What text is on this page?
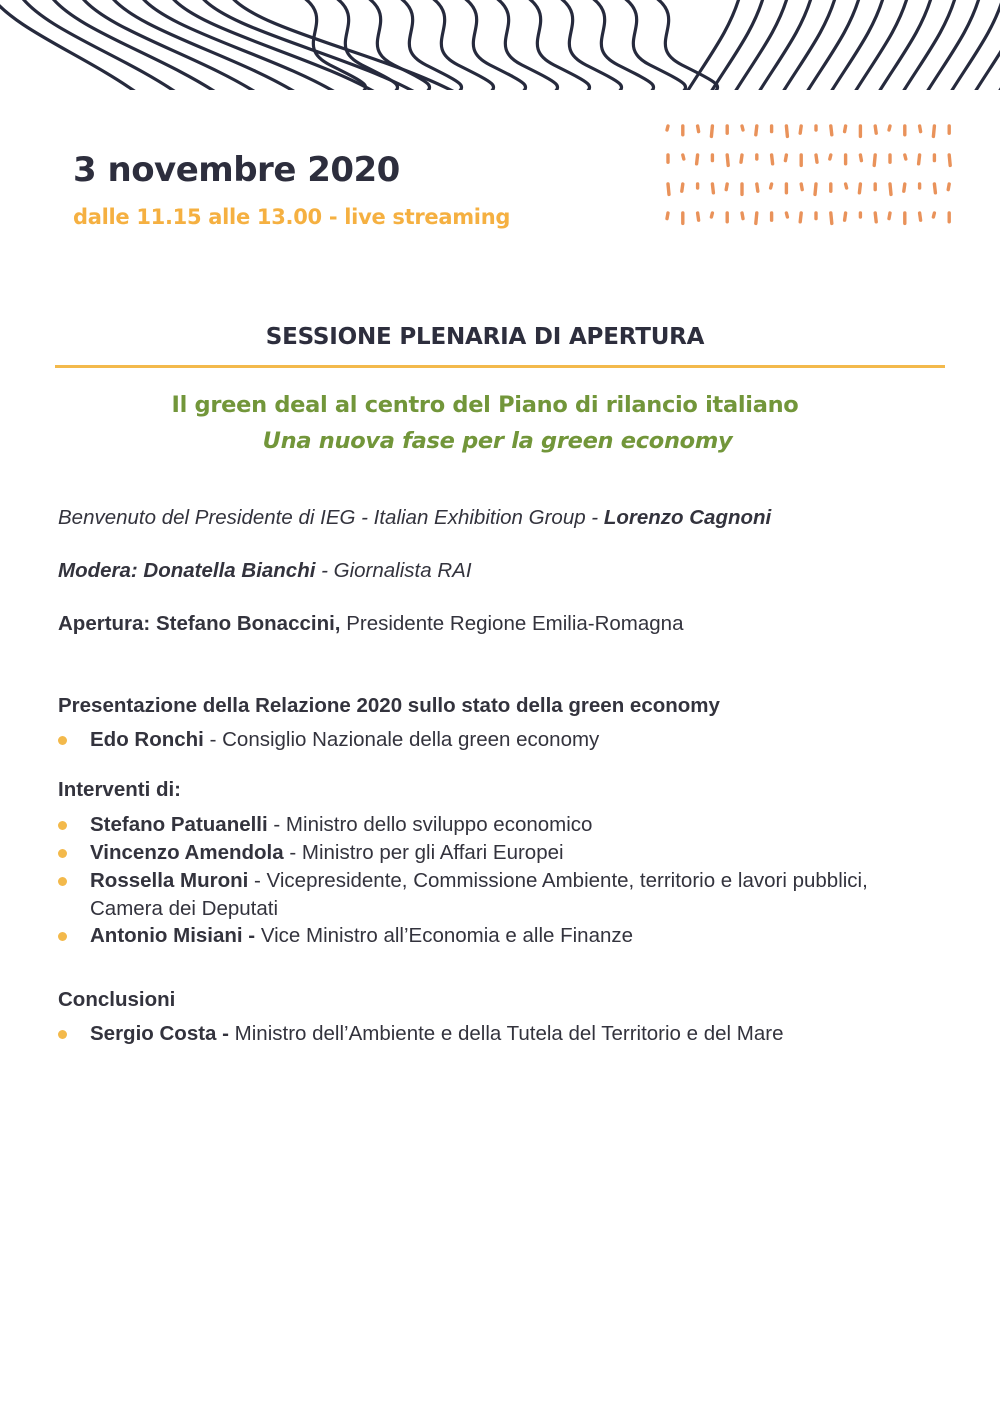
3 novembre 2020

dalle 11.15 alle 13.00 - live streaming

SESSIONE PLENARIA DI APERTURA

Il green deal al centro del Piano di rilancio italiano

Una nuova fase per la green economy

Benvenuto del Presidente di IEG - Italian Exhibition Group - Lorenzo Cagnoni

Modera: Donatella Bianchi - Giornalista RAI

Apertura: Stefano Bonaccini, Presidente Regione Emilia-Romagna

Presentazione della Relazione 2020 sullo stato della green economy

Edo Ronchi - Consiglio Nazionale della green economy

Interventi di:

Stefano Patuanelli - Ministro dello sviluppo economico
Vincenzo Amendola - Ministro per gli Affari Europei
Rossella Muroni - Vicepresidente, Commissione Ambiente, territorio e lavori pubblici, Camera dei Deputati
Antonio Misiani - Vice Ministro all’Economia e alle Finanze

Conclusioni

Sergio Costa - Ministro dell’Ambiente e della Tutela del Territorio e del Mare
